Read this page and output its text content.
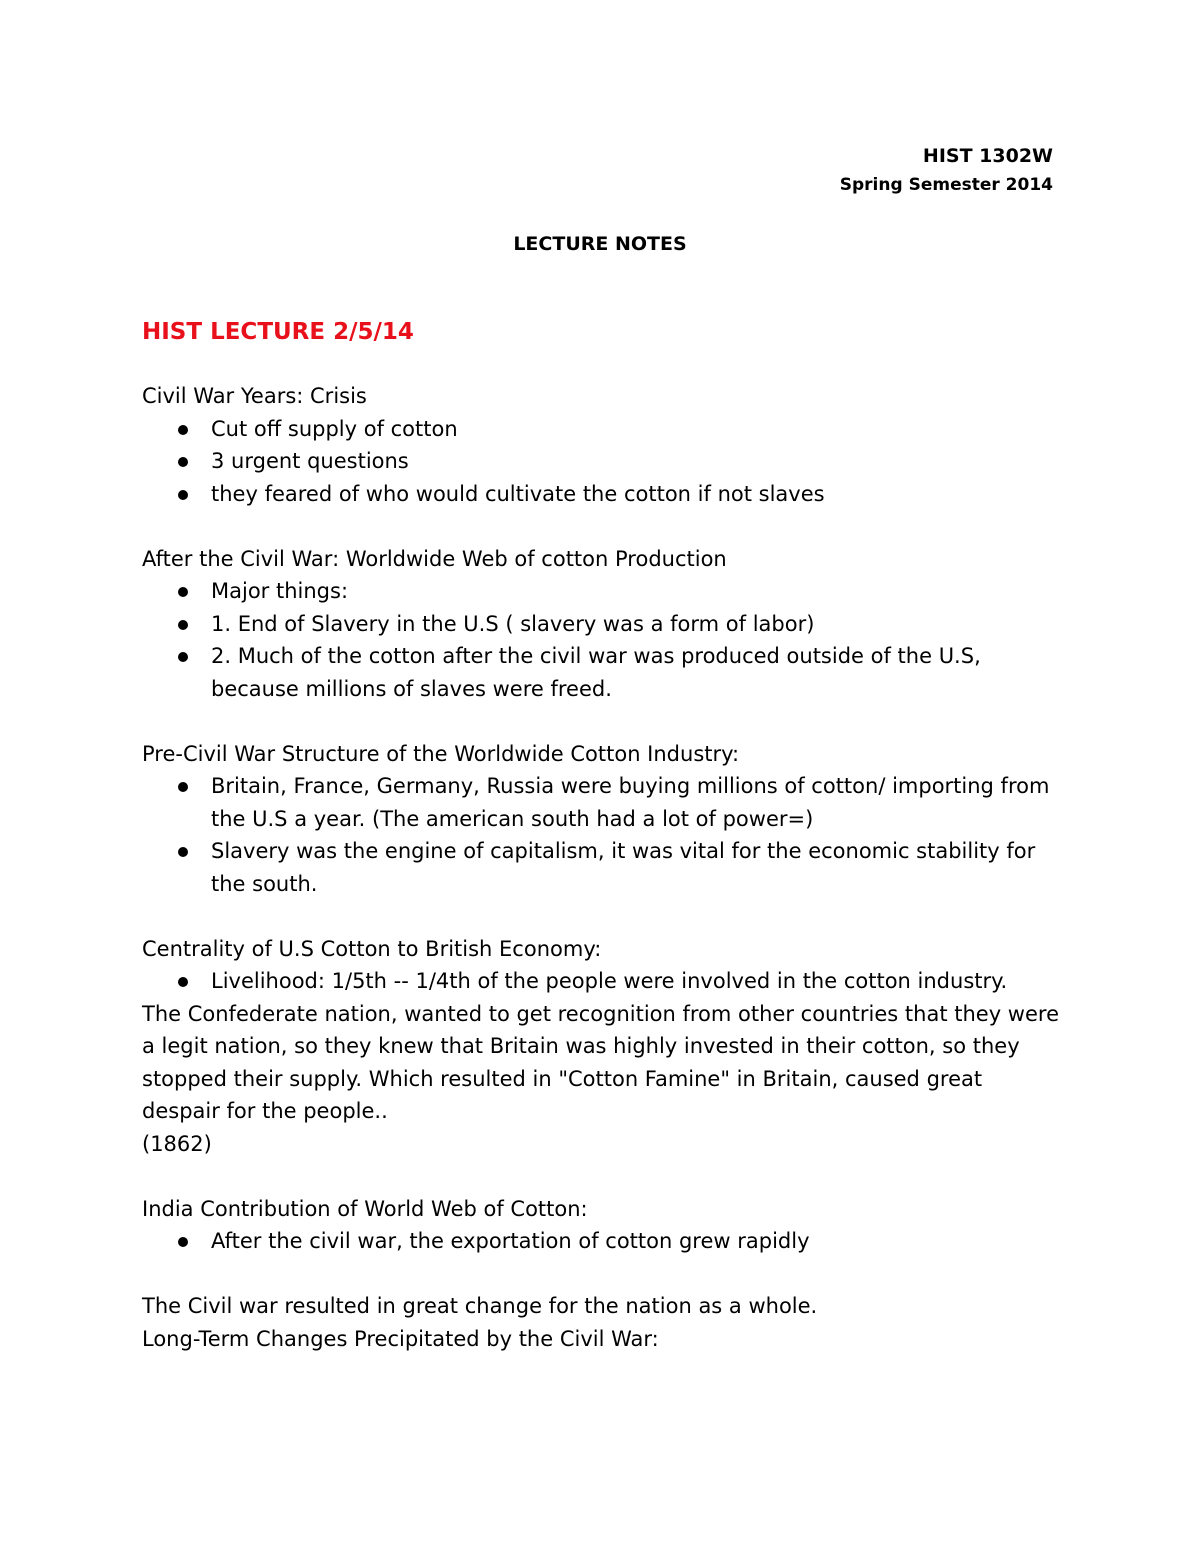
HIST 1302W
Spring Semester 2014
LECTURE NOTES
HIST LECTURE 2/5/14

Civil War Years: Crisis

Cut off supply of cotton
3 urgent questions
they feared of who would cultivate the cotton if not slaves

After the Civil War: Worldwide Web of cotton Production

Major things:
1. End of Slavery in the U.S ( slavery was a form of labor)
2. Much of the cotton after the civil war was produced outside of the U.S, because millions of slaves were freed.

Pre-Civil War Structure of the Worldwide Cotton Industry:

Britain, France, Germany, Russia were buying millions of cotton/ importing from the U.S a year. (The american south had a lot of power=)
Slavery was the engine of capitalism, it was vital for the economic stability for the south.

Centrality of U.S Cotton to British Economy:

Livelihood: 1/5th -- 1/4th of the people were involved in the cotton industry.

The Confederate nation, wanted to get recognition from other countries that they were a legit nation, so they knew that Britain was highly invested in their cotton, so they stopped their supply. Which resulted in "Cotton Famine" in Britain, caused great despair for the people..

(1862)

India Contribution of World Web of Cotton:

After the civil war, the exportation of cotton grew rapidly

The Civil war resulted in great change for the nation as a whole.

Long-Term Changes Precipitated by the Civil War:
